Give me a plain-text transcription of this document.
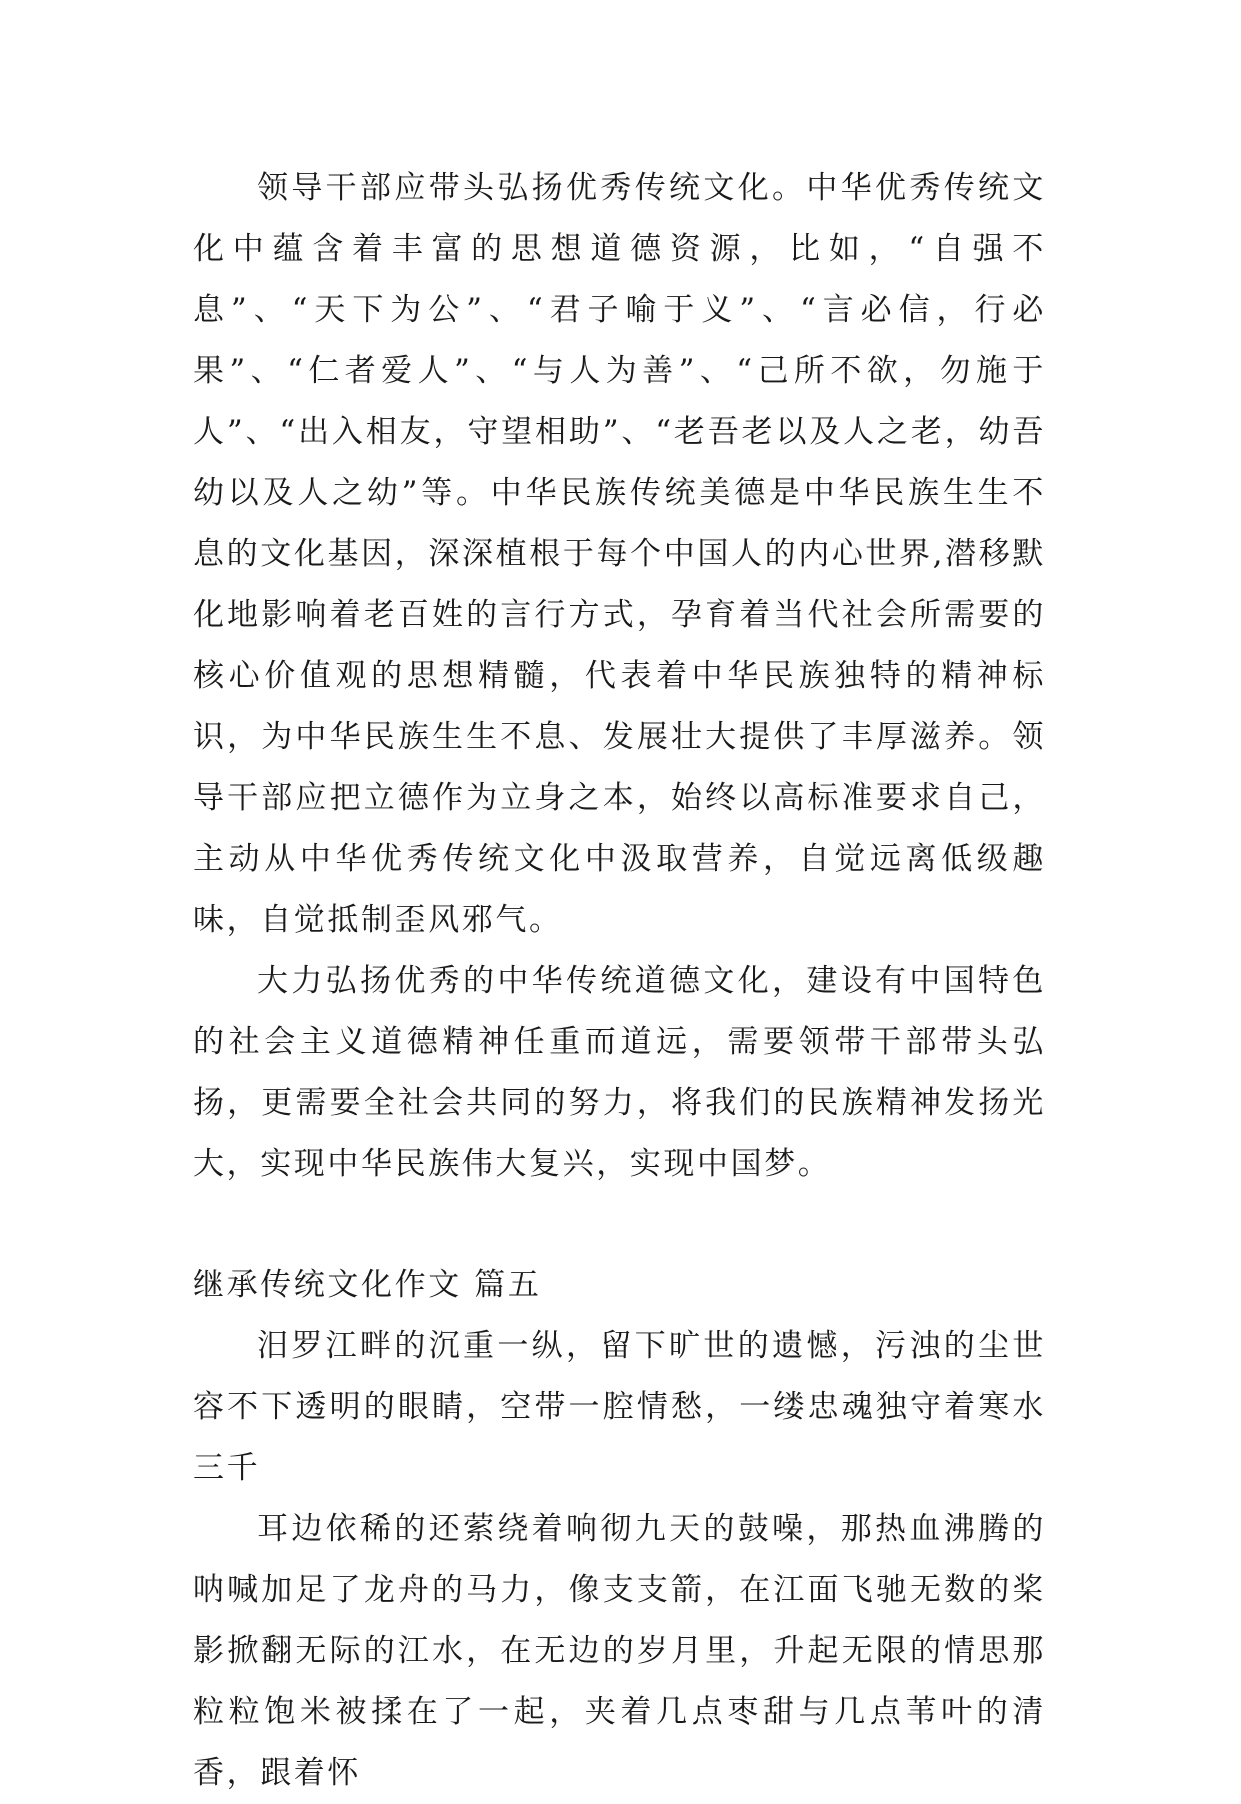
领导干部应带头弘扬优秀传统文化。中华优秀传统文化中蕴含着丰富的思想道德资源，比如，“自强不息”、“天下为公”、“君子喻于义”、“言必信，行必果”、“仁者爱人”、“与人为善”、“己所不欲，勿施于人”、“出入相友，守望相助”、“老吾老以及人之老，幼吾幼以及人之幼”等。中华民族传统美德是中华民族生生不息的文化基因，深深植根于每个中国人的内心世界,潜移默化地影响着老百姓的言行方式，孕育着当代社会所需要的核心价值观的思想精髓，代表着中华民族独特的精神标识，为中华民族生生不息、发展壮大提供了丰厚滋养。领导干部应把立德作为立身之本，始终以高标准要求自己，主动从中华优秀传统文化中汲取营养，自觉远离低级趣味，自觉抵制歪风邪气。

大力弘扬优秀的中华传统道德文化，建设有中国特色的社会主义道德精神任重而道远，需要领带干部带头弘扬，更需要全社会共同的努力，将我们的民族精神发扬光大，实现中华民族伟大复兴，实现中国梦。

继承传统文化作文 篇五

汨罗江畔的沉重一纵，留下旷世的遗憾，污浊的尘世容不下透明的眼睛，空带一腔情愁，一缕忠魂独守着寒水三千

耳边依稀的还萦绕着响彻九天的鼓噪，那热血沸腾的呐喊加足了龙舟的马力，像支支箭，在江面飞驰无数的桨影掀翻无际的江水，在无边的岁月里，升起无限的情思那粒粒饱米被揉在了一起，夹着几点枣甜与几点苇叶的清香，跟着怀
